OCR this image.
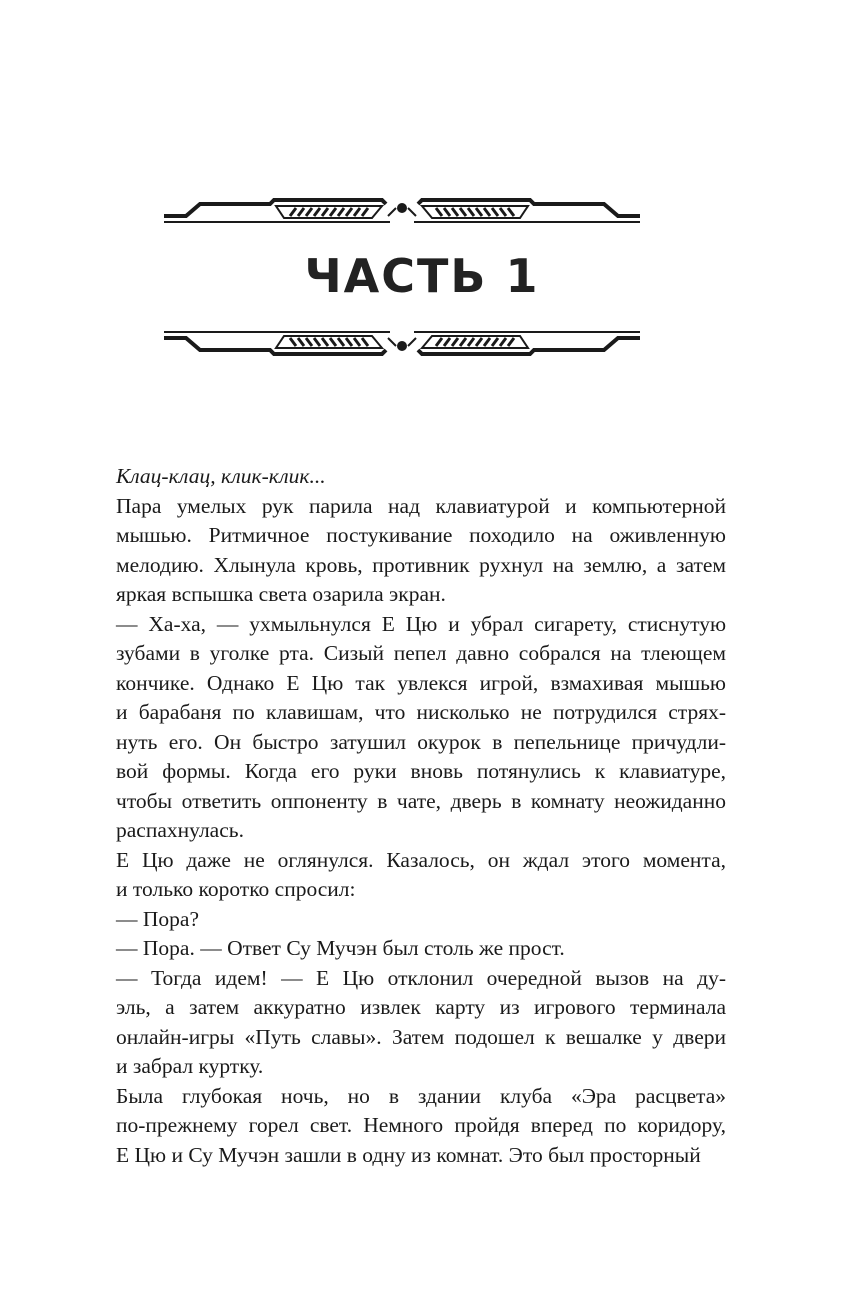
ЧАСТЬ 1

Клац-клац, клик-клик...

Пара умелых рук парила над клавиатурой и компьютерной
мышью. Ритмичное постукивание походило на оживленную
мелодию. Хлынула кровь, противник рухнул на землю, а затем
яркая вспышка света озарила экран.

— Ха-ха, — ухмыльнулся Е Цю и убрал сигарету, стиснутую
зубами в уголке рта. Сизый пепел давно собрался на тлеющем
кончике. Однако Е Цю так увлекся игрой, взмахивая мышью
и барабаня по клавишам, что нисколько не потрудился стрях-
нуть его. Он быстро затушил окурок в пепельнице причудли-
вой формы. Когда его руки вновь потянулись к клавиатуре,
чтобы ответить оппоненту в чате, дверь в комнату неожиданно
распахнулась.

Е Цю даже не оглянулся. Казалось, он ждал этого момента,
и только коротко спросил:

— Пора?

— Пора. — Ответ Су Мучэн был столь же прост.

— Тогда идем! — Е Цю отклонил очередной вызов на ду-
эль, а затем аккуратно извлек карту из игрового терминала
онлайн-игры «Путь славы». Затем подошел к вешалке у двери
и забрал куртку.

Была глубокая ночь, но в здании клуба «Эра расцвета»
по-прежнему горел свет. Немного пройдя вперед по коридору,
Е Цю и Су Мучэн зашли в одну из комнат. Это был просторный
